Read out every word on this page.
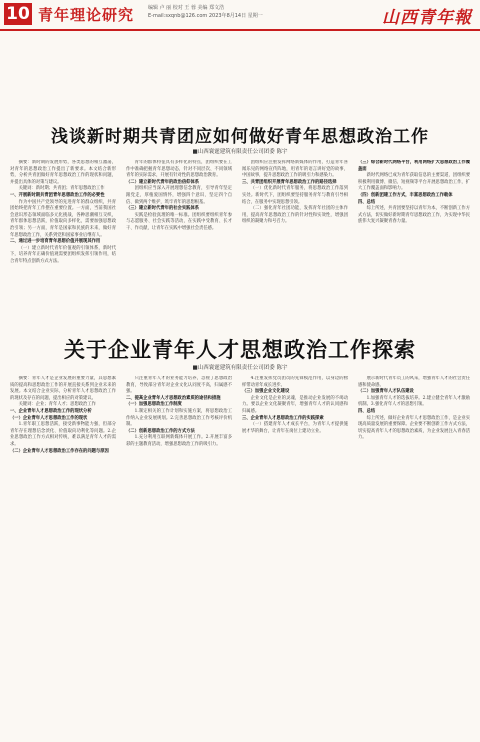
10 青年理论研究	编辑 卢 丽 校对 王 蓉 美编 郑文浩
E-mail:sxqnb@126.com 2023年8月14日 星期一	山西青年報
浅谈新时期共青团应如何做好青年思想政治工作
■山西寰霆建筑有限责任公司团委 陈宇

摘要：新时期的发展形势，各类思想的相互激荡，对青年的思想政治工作提出了新要求。本文结合新形势，分析共青团做好青年思想政治工作的现状和问题，并提出具体的对策与建议。

关键词：新时期；共青团；青年思想政治工作

一、开展新时期共青团青年思想政治工作的必要性

作为中国共产党领导的先进青年的群众组织，共青团始终把青年工作摆在重要位置。一方面，当前我国社会意识形态领域面临多元化挑战，各种思潮相互交织，青年群体思想活跃，价值取向多样化，需要加强思想政治引领；另一方面，青年是国家和民族的未来，做好青年思想政治工作，关系到党和国家事业后继有人。

二、通过进一步培育青年思想价值并展现其作用

（一）建立新时代青年价值观的引领体系，新时代下，培养青年正确价值观需要团组织发挥引领作用，结合青年特点创新方式方法。

青年的群体特征具有多样化的特点，团组织要在工作中准确把握青年思想动态，针对不同层次、不同领域青年的实际需求，开展有针对性的思想政治教育。

（二）建立新时代青年的政治信仰体系

团组织应当深入开展理想信念教育，引导青年坚定跟党走，厚植爱国情怀，增强四个意识、坚定四个自信、做到两个维护，筑牢青年的思想根基。

（三）建立新时代青年的社会实践体系

实践是检验真理的唯一标准。团组织要组织青年参与志愿服务、社会实践等活动，在实践中受教育、长才干、作贡献，让青年在实践中增强社会责任感。

团组织应注重发挥网络新媒体的作用，打造青年喜闻乐见的网络宣传阵地，用青年的语言讲好党的故事、中国故事，提升思想政治工作的吸引力和感染力。

三、共青团组织开展青年思想政治工作的路径选择

（一）优化新时代青年服务，将思想政治工作落到实处。新时代下，团组织要坚持服务青年与教育引导相结合，在服务中实现思想引领。

（二）强化青年社团功能，发挥青年社团的主体作用，提高青年思想政治工作的针对性和实效性，增强团组织的凝聚力和号召力。

（三）综合新时代网络平台，利用网络扩大思想政治工作覆盖面

新时代网络已成为青年获取信息的主要渠道，团组织要积极利用微博、微信、短视频等平台开展思想政治工作，扩大工作覆盖面和影响力。

（四）创新团建工作方式，丰富思想政治工作载体

四、总结

综上所述，共青团要坚持以青年为本，不断创新工作方式方法，切实做好新时期青年思想政治工作，为实现中华民族伟大复兴凝聚青春力量。

关于企业青年人才思想政治工作探索
■山西寰霆建筑有限责任公司团委 陈宇

摘要：青年人才是企业发展的重要力量，其思想素质的提高和思想政治工作的开展直接关系到企业未来的发展。本文结合企业实际，分析青年人才思想政治工作的现状及存在的问题，提出相应的对策建议。

关键词：企业；青年人才；思想政治工作

一、企业青年人才思想政治工作的现状分析

（一）企业青年人才思想政治工作的现状

1.青年职工思想活跃，接受新事物能力强，但部分青年存在理想信念淡化、价值取向功利化等问题。2.企业思想政治工作方式相对传统，难以满足青年人才的需求。

（二）企业青年人才思想政治工作存在的问题与原因

只注重青年人才的业务能力培养，忽视了思想政治教育，导致部分青年对企业文化认同度不高，归属感不强。

二、提高企业青年人才思想政治素质的途径和措施

（一）加强思想政治工作制度

1.制定相关的工作计划和实施方案，将思想政治工作纳入企业发展规划。2.完善思想政治工作考核评价机制。

（二）创新思想政治工作的方式方法

1.充分利用互联网新媒体开展工作。2.开展丰富多彩的主题教育活动，增强思想政治工作的吸引力。

4.注重发挥党员团员的先锋模范作用，以身边的榜样带动青年成长进步。

（三）加强企业文化建设

企业文化是企业的灵魂，是推动企业发展的不竭动力。要以企业文化凝聚青年，增强青年人才的认同感和归属感。

三、企业青年人才思想政治工作的实践探索

（一）搭建青年人才成长平台，为青年人才提供施展才华的舞台，让青年在岗位上建功立业。

展示新时代青年员工的风采，增强青年人才的社会责任感和使命感。

（二）加强青年人才队伍建设

1.加强青年人才的选拔培养。2.建立健全青年人才激励机制。3.强化青年人才的思想引领。

四、总结

综上所述，做好企业青年人才思想政治工作，是企业实现高质量发展的重要保障。企业要不断创新工作方式方法，切实提高青年人才的思想政治素质，为企业发展注入青春活力。
